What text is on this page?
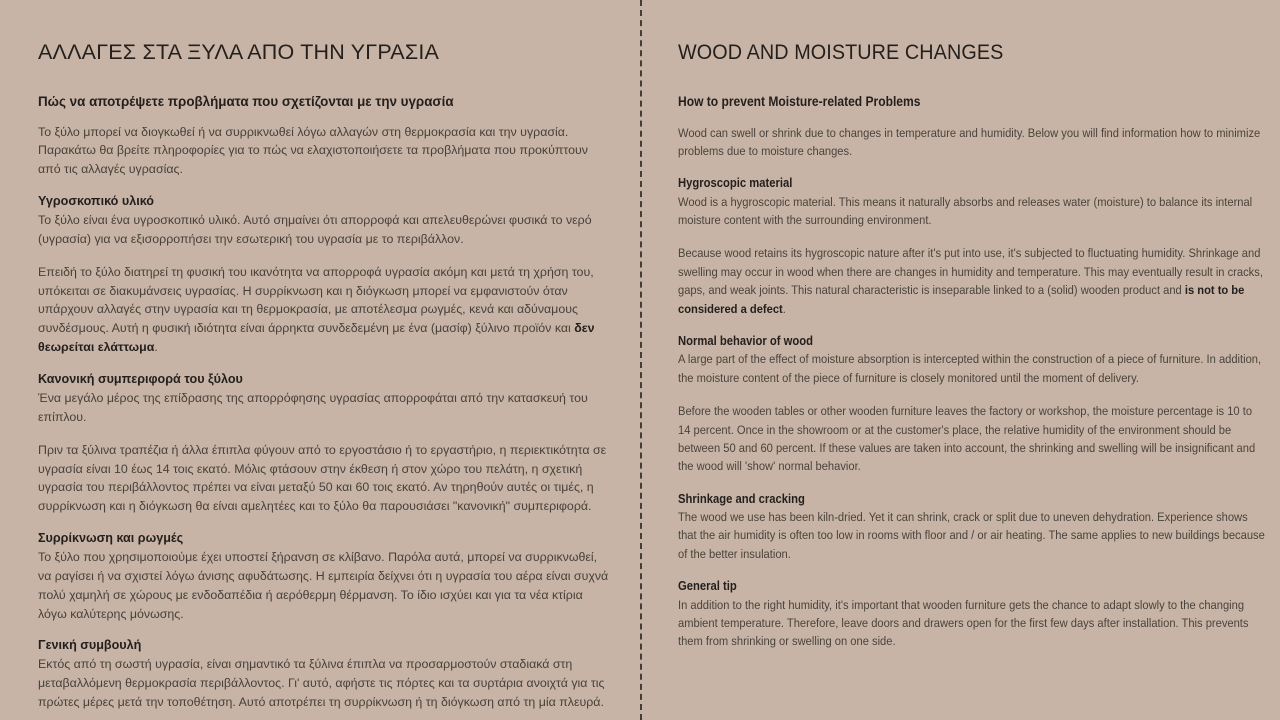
ΑΛΛΑΓΕΣ ΣΤΑ ΞΥΛΑ ΑΠΟ ΤΗΝ ΥΓΡΑΣΙΑ
Πώς να αποτρέψετε προβλήματα που σχετίζονται με την υγρασία

Το ξύλο μπορεί να διογκωθεί ή να συρρικνωθεί λόγω αλλαγών στη θερμοκρασία και την υγρασία. Παρακάτω θα βρείτε πληροφορίες για το πώς να ελαχιστοποιήσετε τα προβλήματα που προκύπτουν από τις αλλαγές υγρασίας.

Υγροσκοπικό υλικό

Το ξύλο είναι ένα υγροσκοπικό υλικό. Αυτό σημαίνει ότι απορροφά και απελευθερώνει φυσικά το νερό (υγρασία) για να εξισορροπήσει την εσωτερική του υγρασία με το περιβάλλον.

Επειδή το ξύλο διατηρεί τη φυσική του ικανότητα να απορροφά υγρασία ακόμη και μετά τη χρήση του, υπόκειται σε διακυμάνσεις υγρασίας. Η συρρίκνωση και η διόγκωση μπορεί να εμφανιστούν όταν υπάρχουν αλλαγές στην υγρασία και τη θερμοκρασία, με αποτέλεσμα ρωγμές, κενά και αδύναμους συνδέσμους. Αυτή η φυσική ιδιότητα είναι άρρηκτα συνδεδεμένη με ένα (μασίφ) ξύλινο προϊόν και δεν θεωρείται ελάττωμα.

Κανονική συμπεριφορά του ξύλου

Ένα μεγάλο μέρος της επίδρασης της απορρόφησης υγρασίας απορροφάται από την κατασκευή του επίπλου.

Πριν τα ξύλινα τραπέζια ή άλλα έπιπλα φύγουν από το εργοστάσιο ή το εργαστήριο, η περιεκτικότητα σε υγρασία είναι 10 έως 14 τοις εκατό. Μόλις φτάσουν στην έκθεση ή στον χώρο του πελάτη, η σχετική υγρασία του περιβάλλοντος πρέπει να είναι μεταξύ 50 και 60 τοις εκατό. Αν τηρηθούν αυτές οι τιμές, η συρρίκνωση και η διόγκωση θα είναι αμελητέες και το ξύλο θα παρουσιάσει "κανονική" συμπεριφορά.

Συρρίκνωση και ρωγμές

Το ξύλο που χρησιμοποιούμε έχει υποστεί ξήρανση σε κλίβανο. Παρόλα αυτά, μπορεί να συρρικνωθεί, να ραγίσει ή να σχιστεί λόγω άνισης αφυδάτωσης. Η εμπειρία δείχνει ότι η υγρασία του αέρα είναι συχνά πολύ χαμηλή σε χώρους με ενδοδαπέδια ή αερόθερμη θέρμανση. Το ίδιο ισχύει και για τα νέα κτίρια λόγω καλύτερης μόνωσης.

Γενική συμβουλή

Εκτός από τη σωστή υγρασία, είναι σημαντικό τα ξύλινα έπιπλα να προσαρμοστούν σταδιακά στη μεταβαλλόμενη θερμοκρασία περιβάλλοντος. Γι' αυτό, αφήστε τις πόρτες και τα συρτάρια ανοιχτά για τις πρώτες μέρες μετά την τοποθέτηση. Αυτό αποτρέπει τη συρρίκνωση ή τη διόγκωση από τη μία πλευρά.

WOOD AND MOISTURE CHANGES
How to prevent Moisture-related Problems

Wood can swell or shrink due to changes in temperature and humidity. Below you will find information how to minimize problems due to moisture changes.

Hygroscopic material

Wood is a hygroscopic material. This means it naturally absorbs and releases water (moisture) to balance its internal moisture content with the surrounding environment.

Because wood retains its hygroscopic nature after it's put into use, it's subjected to fluctuating humidity. Shrinkage and swelling may occur in wood when there are changes in humidity and temperature. This may eventually result in cracks, gaps, and weak joints. This natural characteristic is inseparable linked to a (solid) wooden product and is not to be considered a defect.

Normal behavior of wood

A large part of the effect of moisture absorption is intercepted within the construction of a piece of furniture. In addition, the moisture content of the piece of furniture is closely monitored until the moment of delivery.

Before the wooden tables or other wooden furniture leaves the factory or workshop, the moisture percentage is 10 to 14 percent. Once in the showroom or at the customer's place, the relative humidity of the environment should be between 50 and 60 percent. If these values are taken into account, the shrinking and swelling will be insignificant and the wood will 'show' normal behavior.

Shrinkage and cracking

The wood we use has been kiln-dried. Yet it can shrink, crack or split due to uneven dehydration. Experience shows that the air humidity is often too low in rooms with floor and / or air heating. The same applies to new buildings because of the better insulation.

General tip

In addition to the right humidity, it's important that wooden furniture gets the chance to adapt slowly to the changing ambient temperature. Therefore, leave doors and drawers open for the first few days after installation. This prevents them from shrinking or swelling on one side.
